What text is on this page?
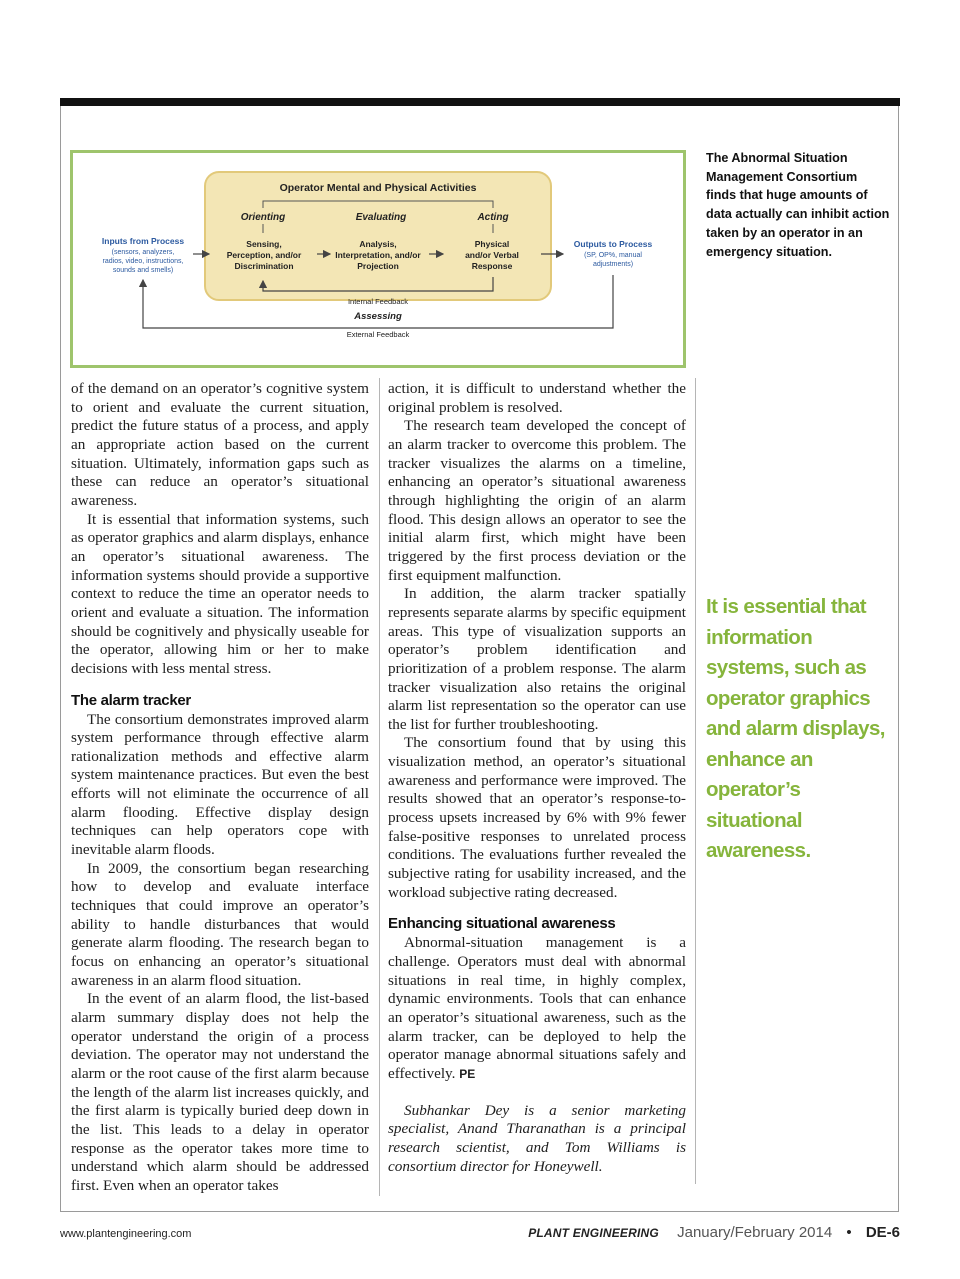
Operator Mental and Physical Activities
Orienting	Evaluating	Acting
Sensing,
Perception, and/or
Discrimination
Analysis,
Interpretation, and/or
Projection
Physical
and/or Verbal
Response
Inputs from Process
(sensors, analyzers,
radios, video, instructions,
sounds and smells)
Outputs to Process
(SP, OP%, manual
adjustments)
Internal Feedback
Assessing
External Feedback
The Abnormal Situation Management Consortium finds that huge amounts of data actually can inhibit action taken by an operator in an emergency situation.

of the demand on an operator’s cognitive system to orient and evaluate the current situation, predict the future status of a process, and apply an appropriate action based on the current situation. Ultimately, information gaps such as these can reduce an operator’s situational awareness.

It is essential that information systems, such as operator graphics and alarm displays, enhance an operator’s situational awareness. The information systems should provide a supportive context to reduce the time an operator needs to orient and evaluate a situation. The information should be cognitively and physically useable for the operator, allowing him or her to make decisions with less mental stress.

The alarm tracker

The consortium demonstrates improved alarm system performance through effective alarm rationalization methods and effective alarm system maintenance practices. But even the best efforts will not eliminate the occurrence of all alarm flooding. Effective display design techniques can help operators cope with inevitable alarm floods.

In 2009, the consortium began researching how to develop and evaluate interface techniques that could improve an operator’s ability to handle disturbances that would generate alarm flooding. The research began to focus on enhancing an operator’s situational awareness in an alarm flood situation.

In the event of an alarm flood, the list-based alarm summary display does not help the operator understand the origin of a process deviation. The operator may not understand the alarm or the root cause of the first alarm because the length of the alarm list increases quickly, and the first alarm is typically buried deep down in the list. This leads to a delay in operator response as the operator takes more time to understand which alarm should be addressed first. Even when an operator takes

action, it is difficult to understand whether the original problem is resolved.

The research team developed the concept of an alarm tracker to overcome this problem. The tracker visualizes the alarms on a timeline, enhancing an operator’s situational awareness through highlighting the origin of an alarm flood. This design allows an operator to see the initial alarm first, which might have been triggered by the first process deviation or the first equipment malfunction.

In addition, the alarm tracker spatially represents separate alarms by specific equipment areas. This type of visualization supports an operator’s problem identification and prioritization of a problem response. The alarm tracker visualization also retains the original alarm list representation so the operator can use the list for further troubleshooting.

The consortium found that by using this visualization method, an operator’s situational awareness and performance were improved. The results showed that an operator’s response-to-process upsets increased by 6% with 9% fewer false-positive responses to unrelated process conditions. The evaluations further revealed the subjective rating for usability increased, and the workload subjective rating decreased.

Enhancing situational awareness

Abnormal-situation management is a challenge. Operators must deal with abnormal situations in real time, in highly complex, dynamic environments. Tools that can enhance an operator’s situational awareness, such as the alarm tracker, can be deployed to help the operator manage abnormal situations safely and effectively. PE

Subhankar Dey is a senior marketing specialist, Anand Tharanathan is a principal research scientist, and Tom Williams is consortium director for Honeywell.

It is essential that information systems, such as operator graphics and alarm displays, enhance an operator’s situational awareness.
www.plantengineering.com	PLANT ENGINEERING January/February 2014 • DE-6
